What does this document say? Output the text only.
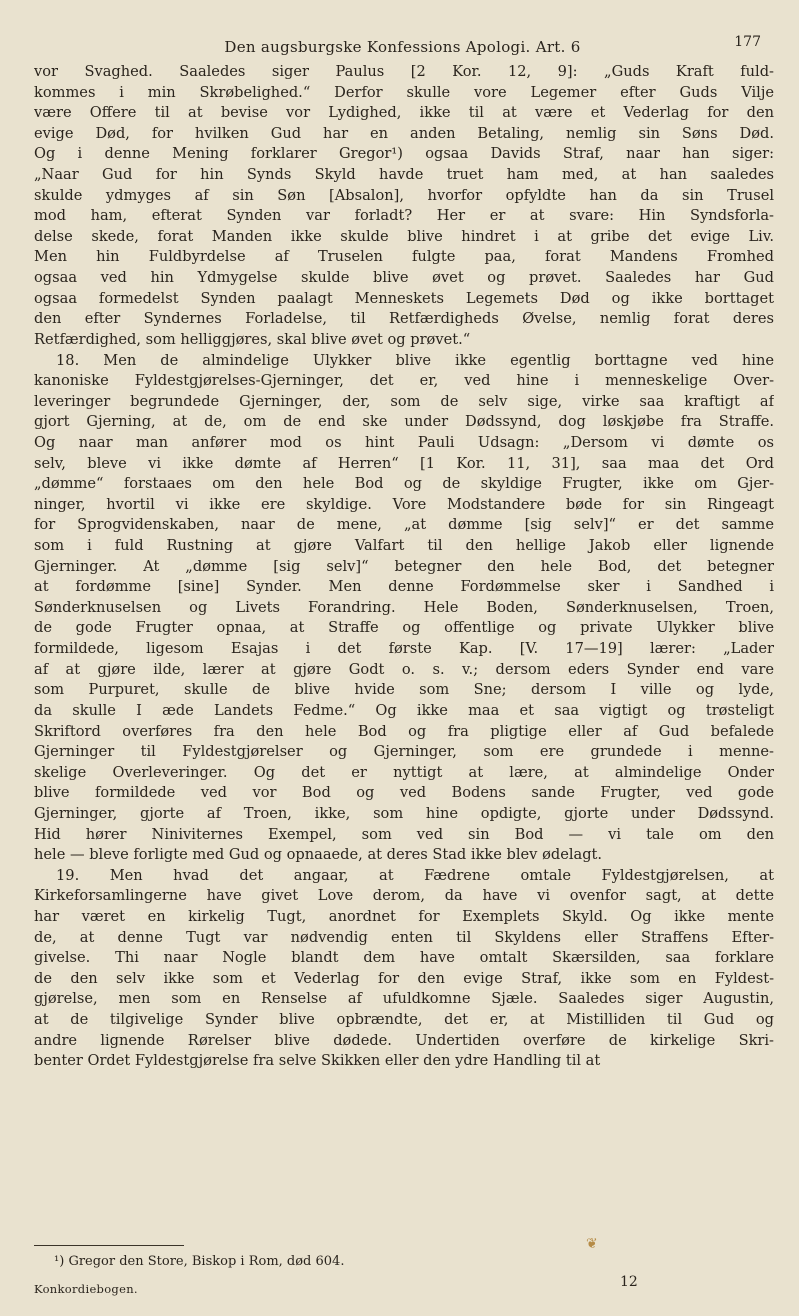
Den augsburgske Konfessions Apologi. Art. 6	177
vor Svaghed. Saaledes siger Paulus [2 Kor. 12, 9]: „Guds Kraft fuld-
kommes i min Skrøbelighed.“ Derfor skulle vore Legemer efter Guds Vilje
være Offere til at bevise vor Lydighed, ikke til at være et Vederlag for den
evige Død, for hvilken Gud har en anden Betaling, nemlig sin Søns Død.
Og i denne Mening forklarer Gregor¹) ogsaa Davids Straf, naar han siger:
„Naar Gud for hin Synds Skyld havde truet ham med, at han saaledes
skulde ydmyges af sin Søn [Absalon], hvorfor opfyldte han da sin Trusel
mod ham, efterat Synden var forladt? Her er at svare: Hin Syndsforla-
delse skede, forat Manden ikke skulde blive hindret i at gribe det evige Liv.
Men hin Fuldbyrdelse af Truselen fulgte paa, forat Mandens Fromhed
ogsaa ved hin Ydmygelse skulde blive øvet og prøvet. Saaledes har Gud
ogsaa formedelst Synden paalagt Menneskets Legemets Død og ikke borttaget
den efter Syndernes Forladelse, til Retfærdigheds Øvelse, nemlig forat deres
Retfærdighed, som helliggjøres, skal blive øvet og prøvet.“
18. Men de almindelige Ulykker blive ikke egentlig borttagne ved hine
kanoniske Fyldestgjørelses-Gjerninger, det er, ved hine i menneskelige Over-
leveringer begrundede Gjerninger, der, som de selv sige, virke saa kraftigt af
gjort Gjerning, at de, om de end ske under Dødssynd, dog løskjøbe fra Straffe.
Og naar man anfører mod os hint Pauli Udsagn: „Dersom vi dømte os
selv, bleve vi ikke dømte af Herren“ [1 Kor. 11, 31], saa maa det Ord
„dømme“ forstaaes om den hele Bod og de skyldige Frugter, ikke om Gjer-
ninger, hvortil vi ikke ere skyldige. Vore Modstandere bøde for sin Ringeagt
for Sprogvidenskaben, naar de mene, „at dømme [sig selv]“ er det samme
som i fuld Rustning at gjøre Valfart til den hellige Jakob eller lignende
Gjerninger. At „dømme [sig selv]“ betegner den hele Bod, det betegner
at fordømme [sine] Synder. Men denne Fordømmelse sker i Sandhed i
Sønderknuselsen og Livets Forandring. Hele Boden, Sønderknuselsen, Troen,
de gode Frugter opnaa, at Straffe og offentlige og private Ulykker blive
formildede, ligesom Esajas i det første Kap. [V. 17—19] lærer: „Lader
af at gjøre ilde, lærer at gjøre Godt o. s. v.; dersom eders Synder end vare
som Purpuret, skulle de blive hvide som Sne; dersom I ville og lyde,
da skulle I æde Landets Fedme.“ Og ikke maa et saa vigtigt og trøsteligt
Skriftord overføres fra den hele Bod og fra pligtige eller af Gud befalede
Gjerninger til Fyldestgjørelser og Gjerninger, som ere grundede i menne-
skelige Overleveringer. Og det er nyttigt at lære, at almindelige Onder
blive formildede ved vor Bod og ved Bodens sande Frugter, ved gode
Gjerninger, gjorte af Troen, ikke, som hine opdigte, gjorte under Dødssynd.
Hid hører Niniviternes Exempel, som ved sin Bod — vi tale om den
hele — bleve forligte med Gud og opnaaede, at deres Stad ikke blev ødelagt.
19. Men hvad det angaar, at Fædrene omtale Fyldestgjørelsen, at
Kirkeforsamlingerne have givet Love derom, da have vi ovenfor sagt, at dette
har været en kirkelig Tugt, anordnet for Exemplets Skyld. Og ikke mente
de, at denne Tugt var nødvendig enten til Skyldens eller Straffens Efter-
givelse. Thi naar Nogle blandt dem have omtalt Skærsilden, saa forklare
de den selv ikke som et Vederlag for den evige Straf, ikke som en Fyldest-
gjørelse, men som en Renselse af ufuldkomne Sjæle. Saaledes siger Augustin,
at de tilgivelige Synder blive opbrændte, det er, at Mistilliden til Gud og
andre lignende Rørelser blive dødede. Undertiden overføre de kirkelige Skri-
benter Ordet Fyldestgjørelse fra selve Skikken eller den ydre Handling til at
❦
¹) Gregor den Store, Biskop i Rom, død 604.
Konkordiebogen.	12
